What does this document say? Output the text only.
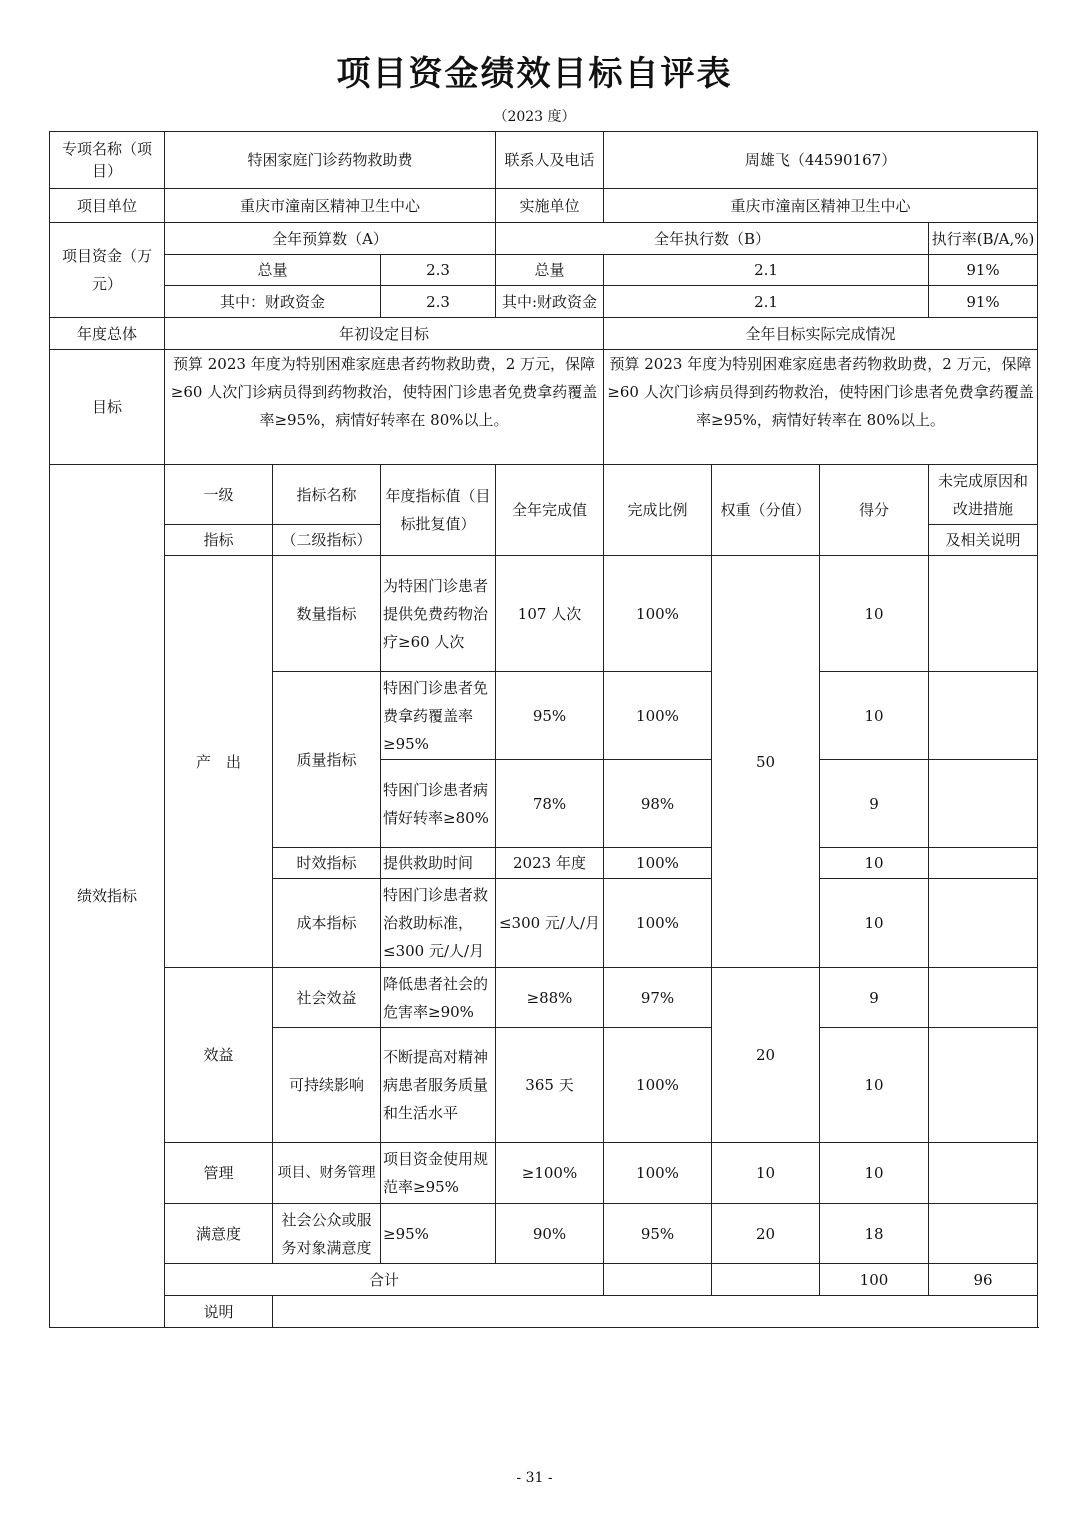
项目资金绩效目标自评表
（2023 度）
专项名称（项目）	特困家庭门诊药物救助费			联系人及电话	周雄飞（44590167）				
项目单位	重庆市潼南区精神卫生中心			实施单位	重庆市潼南区精神卫生中心				
项目资金（万元）	全年预算数（A）			全年执行数（B）				执行率(B/A,%)	
	总量		2.3	总量	2.1			91%	
	其中：财政资金		2.3	其中:财政资金	2.1			91%	
年度总体	年初设定目标				全年目标实际完成情况				
目标	预算 2023 年度为特别困难家庭患者药物救助费，2 万元，保障≥60 人次门诊病员得到药物救治，使特困门诊患者免费拿药覆盖率≥95%，病情好转率在 80%以上。				预算 2023 年度为特别困难家庭患者药物救助费，2 万元，保障≥60 人次门诊病员得到药物救治，使特困门诊患者免费拿药覆盖率≥95%，病情好转率在 80%以上。				
绩效指标	一级	指标名称	年度指标值（目标批复值）	全年完成值	完成比例	权重（分值）	得分	未完成原因和改进措施	
	指标	（二级指标）						及相关说明	
	产　出	数量指标	为特困门诊患者提供免费药物治疗≥60 人次	107 人次	100%	50	10		
		质量指标	特困门诊患者免费拿药覆盖率≥95%	95%	100%		10		
			特困门诊患者病情好转率≥80%	78%	98%		9		
		时效指标	提供救助时间	2023 年度	100%		10		
		成本指标	特困门诊患者救治救助标准，≤300 元/人/月	≤300 元/人/月	100%		10		
	效益	社会效益	降低患者社会的危害率≥90%	≥88%	97%	20	9		
		可持续影响	不断提高对精神病患者服务质量和生活水平	365 天	100%		10		
	管理	项目、财务管理	项目资金使用规范率≥95%	≥100%	100%	10	10		
	满意度	社会公众或服务对象满意度	≥95%	90%	95%	20	18		
	合计						100	96	
	说明								
- 31 -
